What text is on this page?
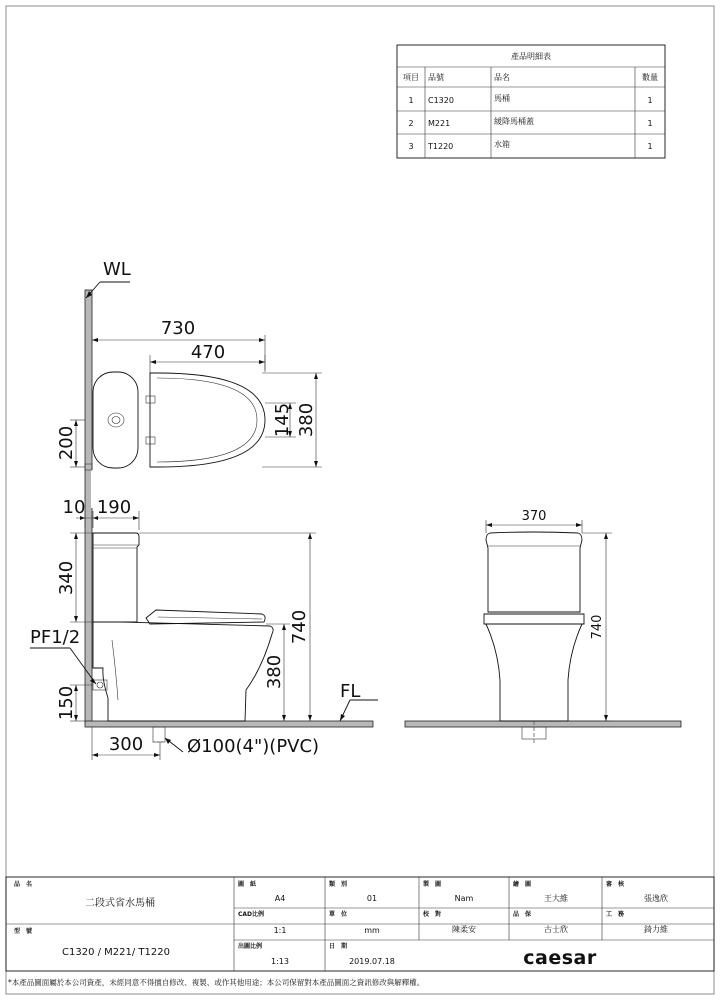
產品明細表
項目 品號	品名	數量
1 C1320	馬桶	1
2 M221	緩降馬桶蓋	1
3 T1220	水箱	1
WL
730
470
145 380
200
10 190
340
PF1/2
150
740
380
FL
300 Ø100(4")(PVC)
370
740
品　名
二段式省水馬桶
型　號
C1320 / M221/ T1220
圖　紙
A4
CAD比例
1:1
出圖比例
1:13
類　別
01
單　位
mm
日　期
2019.07.18
製　圖
Nam
校　對
陳柔安
繪　圖
王大維
品　保
古士欣
審　核
張逸欣
工　務
錡力維
caesar
*本產品圖面屬於本公司資產，未經同意不得擅自修改、複製、或作其他用途；本公司保留對本產品圖面之資訊修改與解釋權。
